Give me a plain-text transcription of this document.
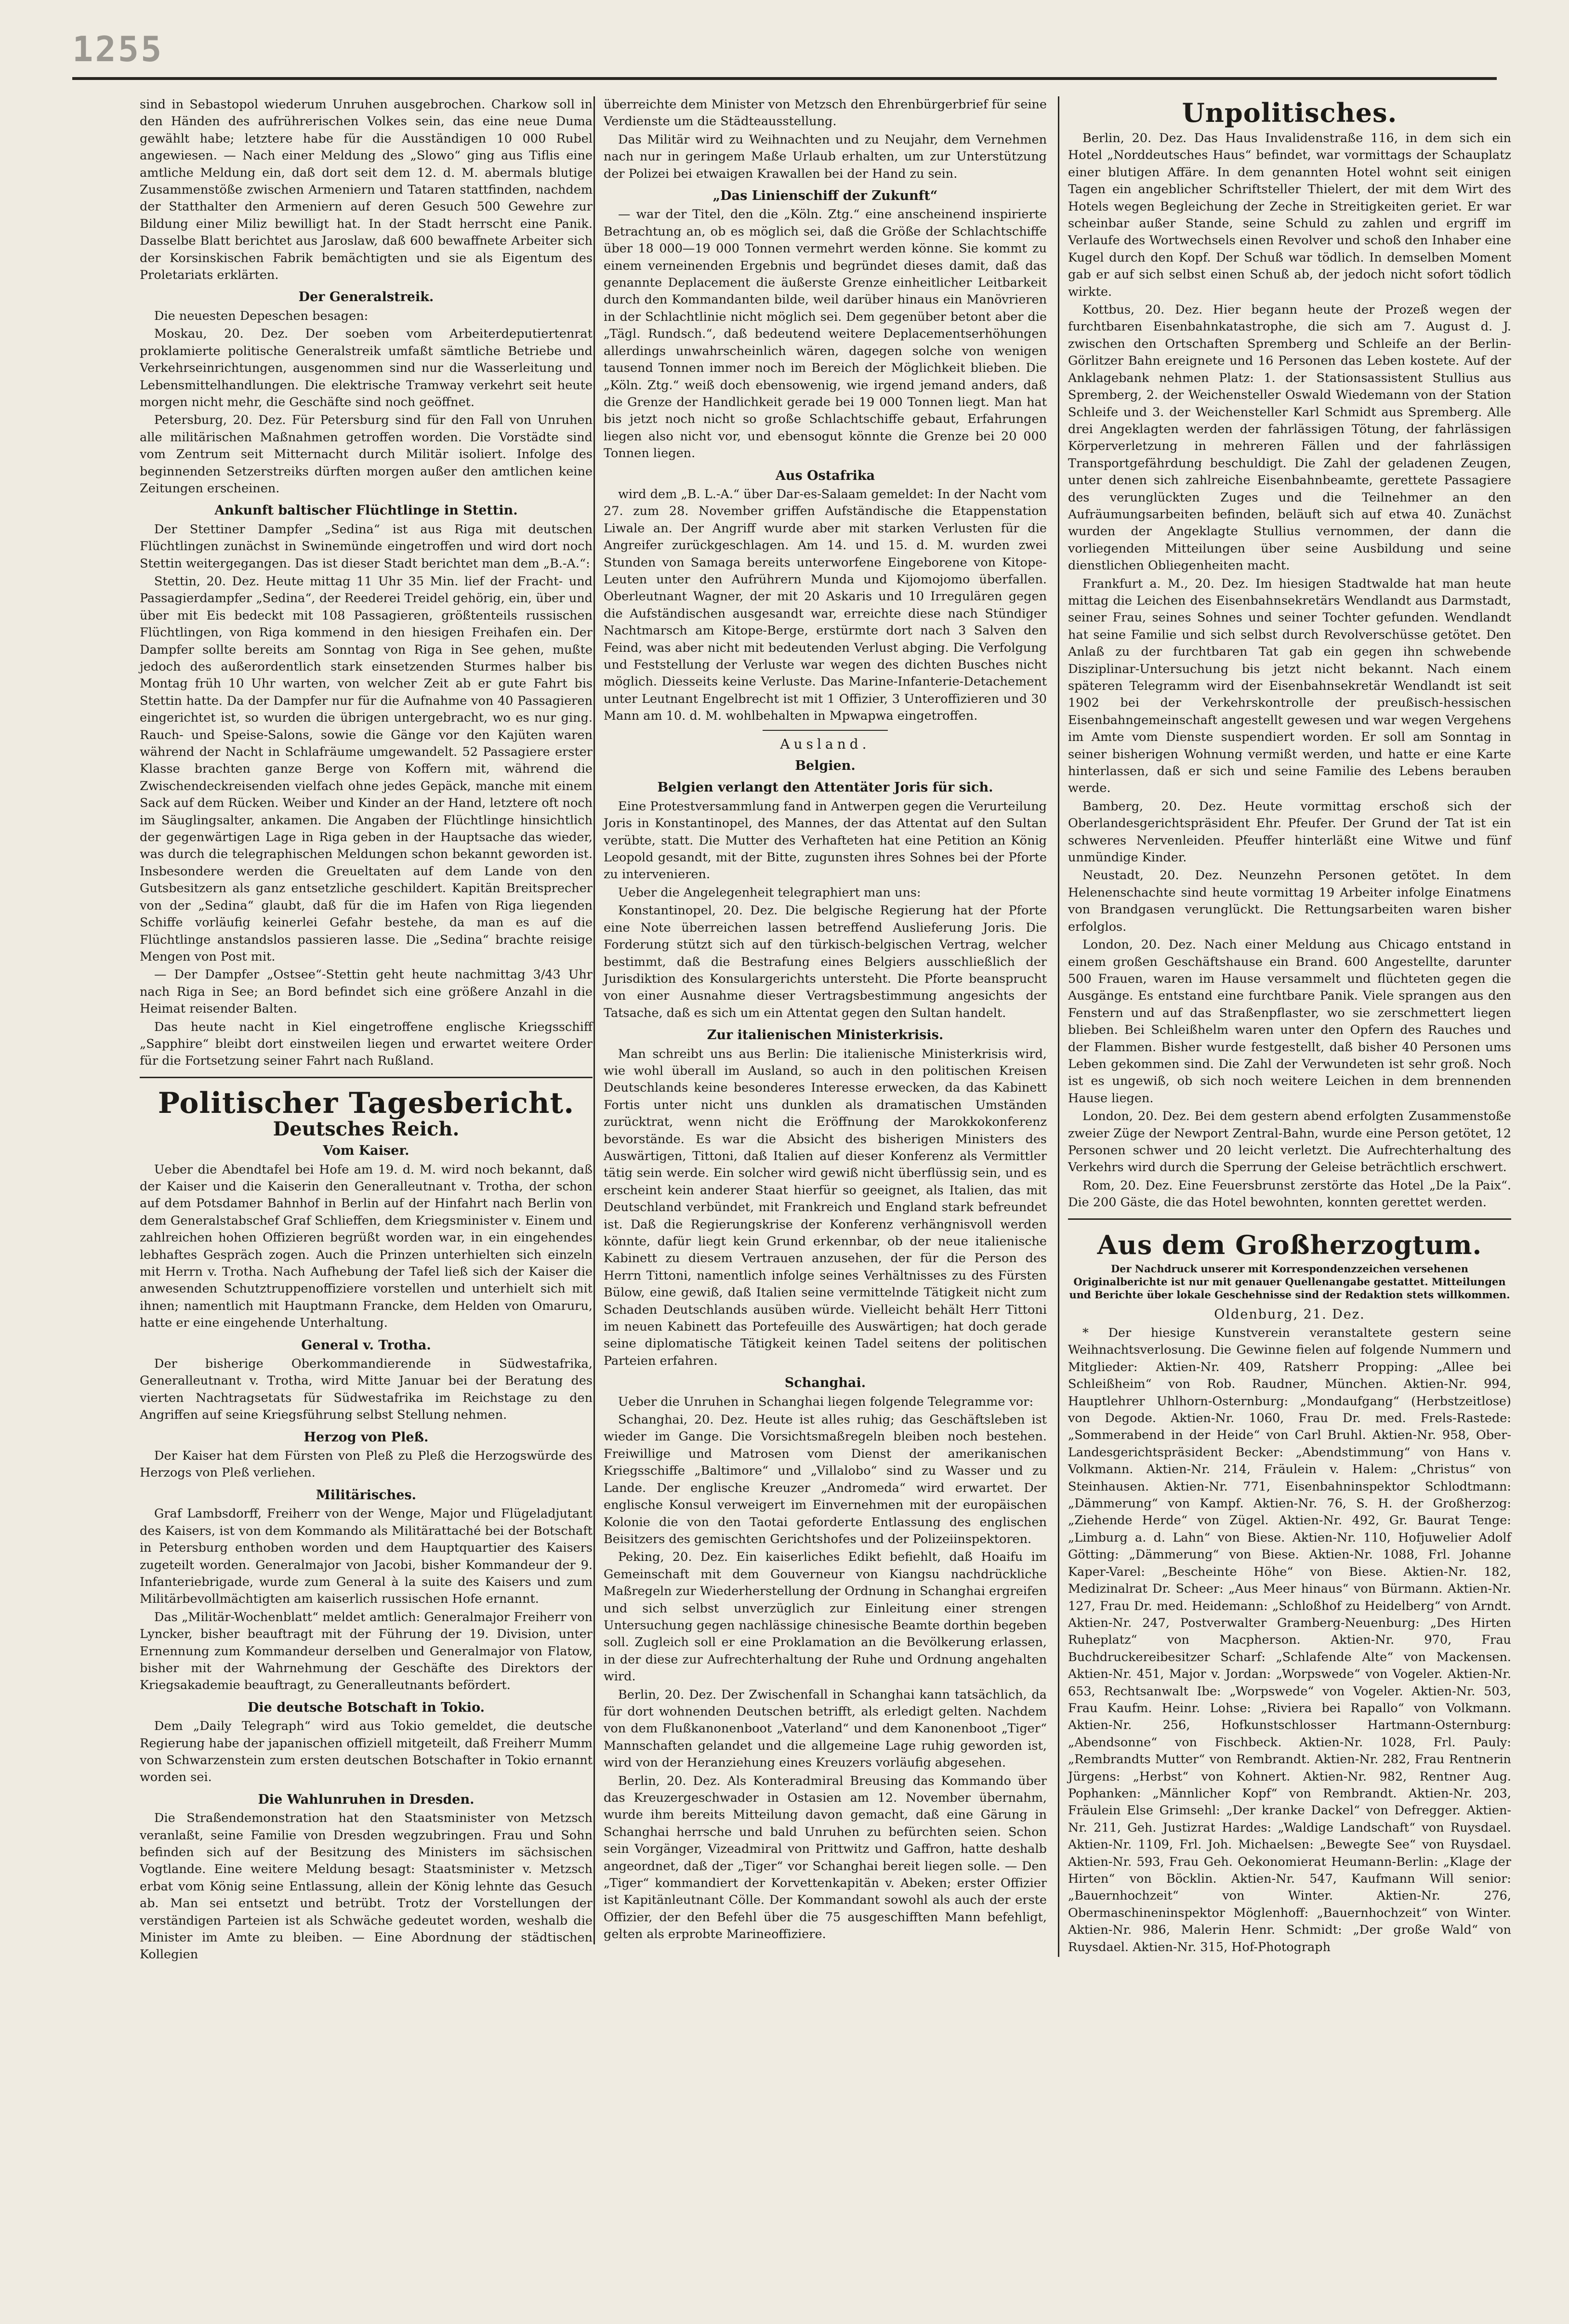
1255

sind in Sebastopol wiederum Unruhen ausgebrochen. Charkow soll in den Händen des aufrührerischen Volkes sein, das eine neue Duma gewählt habe; letztere habe für die Ausständigen 10 000 Rubel angewiesen. — Nach einer Meldung des „Slowo“ ging aus Tiflis eine amtliche Meldung ein, daß dort seit dem 12. d. M. abermals blutige Zusammenstöße zwischen Armeniern und Tataren stattfinden, nachdem der Statthalter den Armeniern auf deren Gesuch 500 Gewehre zur Bildung einer Miliz bewilligt hat. In der Stadt herrscht eine Panik. Dasselbe Blatt berichtet aus Jaroslaw, daß 600 bewaffnete Arbeiter sich der Korsinskischen Fabrik bemächtigten und sie als Eigentum des Proletariats erklärten.

Der Generalstreik.

Die neuesten Depeschen besagen:

Moskau, 20. Dez. Der soeben vom Arbeiterdeputiertenrat proklamierte politische Generalstreik umfaßt sämtliche Betriebe und Verkehrseinrichtungen, ausgenommen sind nur die Wasserleitung und Lebensmittelhandlungen. Die elektrische Tramway verkehrt seit heute morgen nicht mehr, die Geschäfte sind noch geöffnet.

Petersburg, 20. Dez. Für Petersburg sind für den Fall von Unruhen alle militärischen Maßnahmen getroffen worden. Die Vorstädte sind vom Zentrum seit Mitternacht durch Militär isoliert. Infolge des beginnenden Setzerstreiks dürften morgen außer den amtlichen keine Zeitungen erscheinen.

Ankunft baltischer Flüchtlinge in Stettin.

Der Stettiner Dampfer „Sedina“ ist aus Riga mit deutschen Flüchtlingen zunächst in Swinemünde eingetroffen und wird dort noch Stettin weitergegangen. Das ist dieser Stadt berichtet man dem „B.-A.“:

Stettin, 20. Dez. Heute mittag 11 Uhr 35 Min. lief der Fracht- und Passagierdampfer „Sedina“, der Reederei Treidel gehörig, ein, über und über mit Eis bedeckt mit 108 Passagieren, größtenteils russischen Flüchtlingen, von Riga kommend in den hiesigen Freihafen ein. Der Dampfer sollte bereits am Sonntag von Riga in See gehen, mußte jedoch des außerordentlich stark einsetzenden Sturmes halber bis Montag früh 10 Uhr warten, von welcher Zeit ab er gute Fahrt bis Stettin hatte. Da der Dampfer nur für die Aufnahme von 40 Passagieren eingerichtet ist, so wurden die übrigen untergebracht, wo es nur ging. Rauch- und Speise-Salons, sowie die Gänge vor den Kajüten waren während der Nacht in Schlafräume umgewandelt. 52 Passagiere erster Klasse brachten ganze Berge von Koffern mit, während die Zwischendeckreisenden vielfach ohne jedes Gepäck, manche mit einem Sack auf dem Rücken. Weiber und Kinder an der Hand, letztere oft noch im Säuglingsalter, ankamen. Die Angaben der Flüchtlinge hinsichtlich der gegenwärtigen Lage in Riga geben in der Hauptsache das wieder, was durch die telegraphischen Meldungen schon bekannt geworden ist. Insbesondere werden die Greueltaten auf dem Lande von den Gutsbesitzern als ganz entsetzliche geschildert. Kapitän Breitsprecher von der „Sedina“ glaubt, daß für die im Hafen von Riga liegenden Schiffe vorläufig keinerlei Gefahr bestehe, da man es auf die Flüchtlinge anstandslos passieren lasse. Die „Sedina“ brachte reisige Mengen von Post mit.

— Der Dampfer „Ostsee“-Stettin geht heute nachmittag 3/43 Uhr nach Riga in See; an Bord befindet sich eine größere Anzahl in die Heimat reisender Balten.

Das heute nacht in Kiel eingetroffene englische Kriegsschiff „Sapphire“ bleibt dort einstweilen liegen und erwartet weitere Order für die Fortsetzung seiner Fahrt nach Rußland.

Politischer Tagesbericht.
Deutsches Reich.
Vom Kaiser.

Ueber die Abendtafel bei Hofe am 19. d. M. wird noch bekannt, daß der Kaiser und die Kaiserin den Generalleutnant v. Trotha, der schon auf dem Potsdamer Bahnhof in Berlin auf der Hinfahrt nach Berlin von dem Generalstabschef Graf Schlieffen, dem Kriegsminister v. Einem und zahlreichen hohen Offizieren begrüßt worden war, in ein eingehendes lebhaftes Gespräch zogen. Auch die Prinzen unterhielten sich einzeln mit Herrn v. Trotha. Nach Aufhebung der Tafel ließ sich der Kaiser die anwesenden Schutztruppenoffiziere vorstellen und unterhielt sich mit ihnen; namentlich mit Hauptmann Francke, dem Helden von Omaruru, hatte er eine eingehende Unterhaltung.

General v. Trotha.

Der bisherige Oberkommandierende in Südwestafrika, Generalleutnant v. Trotha, wird Mitte Januar bei der Beratung des vierten Nachtragsetats für Südwestafrika im Reichstage zu den Angriffen auf seine Kriegsführung selbst Stellung nehmen.

Herzog von Pleß.

Der Kaiser hat dem Fürsten von Pleß zu Pleß die Herzogswürde des Herzogs von Pleß verliehen.

Militärisches.

Graf Lambsdorff, Freiherr von der Wenge, Major und Flügeladjutant des Kaisers, ist von dem Kommando als Militärattaché bei der Botschaft in Petersburg enthoben worden und dem Hauptquartier des Kaisers zugeteilt worden. Generalmajor von Jacobi, bisher Kommandeur der 9. Infanteriebrigade, wurde zum General à la suite des Kaisers und zum Militärbevollmächtigten am kaiserlich russischen Hofe ernannt.

Das „Militär-Wochenblatt“ meldet amtlich: Generalmajor Freiherr von Lyncker, bisher beauftragt mit der Führung der 19. Division, unter Ernennung zum Kommandeur derselben und Generalmajor von Flatow, bisher mit der Wahrnehmung der Geschäfte des Direktors der Kriegsakademie beauftragt, zu Generalleutnants befördert.

Die deutsche Botschaft in Tokio.

Dem „Daily Telegraph“ wird aus Tokio gemeldet, die deutsche Regierung habe der japanischen offiziell mitgeteilt, daß Freiherr Mumm von Schwarzenstein zum ersten deutschen Botschafter in Tokio ernannt worden sei.

Die Wahlunruhen in Dresden.

Die Straßendemonstration hat den Staatsminister von Metzsch veranlaßt, seine Familie von Dresden wegzubringen. Frau und Sohn befinden sich auf der Besitzung des Ministers im sächsischen Vogtlande. Eine weitere Meldung besagt: Staatsminister v. Metzsch erbat vom König seine Entlassung, allein der König lehnte das Gesuch ab. Man sei entsetzt und betrübt. Trotz der Vorstellungen der verständigen Parteien ist als Schwäche gedeutet worden, weshalb die Minister im Amte zu bleiben. — Eine Abordnung der städtischen Kollegien

überreichte dem Minister von Metzsch den Ehrenbürgerbrief für seine Verdienste um die Städteausstellung.

Das Militär wird zu Weihnachten und zu Neujahr, dem Vernehmen nach nur in geringem Maße Urlaub erhalten, um zur Unterstützung der Polizei bei etwaigen Krawallen bei der Hand zu sein.

„Das Linienschiff der Zukunft“

— war der Titel, den die „Köln. Ztg.“ eine anscheinend inspirierte Betrachtung an, ob es möglich sei, daß die Größe der Schlachtschiffe über 18 000—19 000 Tonnen vermehrt werden könne. Sie kommt zu einem verneinenden Ergebnis und begründet dieses damit, daß das genannte Deplacement die äußerste Grenze einheitlicher Leitbarkeit durch den Kommandanten bilde, weil darüber hinaus ein Manövrieren in der Schlachtlinie nicht möglich sei. Dem gegenüber betont aber die „Tägl. Rundsch.“, daß bedeutend weitere Deplacementserhöhungen allerdings unwahrscheinlich wären, dagegen solche von wenigen tausend Tonnen immer noch im Bereich der Möglichkeit blieben. Die „Köln. Ztg.“ weiß doch ebensowenig, wie irgend jemand anders, daß die Grenze der Handlichkeit gerade bei 19 000 Tonnen liegt. Man hat bis jetzt noch nicht so große Schlachtschiffe gebaut, Erfahrungen liegen also nicht vor, und ebensogut könnte die Grenze bei 20 000 Tonnen liegen.

Aus Ostafrika

wird dem „B. L.-A.“ über Dar-es-Salaam gemeldet: In der Nacht vom 27. zum 28. November griffen Aufständische die Etappenstation Liwale an. Der Angriff wurde aber mit starken Verlusten für die Angreifer zurückgeschlagen. Am 14. und 15. d. M. wurden zwei Stunden von Samaga bereits unterworfene Eingeborene von Kitope-Leuten unter den Aufrührern Munda und Kijomojomo überfallen. Oberleutnant Wagner, der mit 20 Askaris und 10 Irregulären gegen die Aufständischen ausgesandt war, erreichte diese nach Stündiger Nachtmarsch am Kitope-Berge, erstürmte dort nach 3 Salven den Feind, was aber nicht mit bedeutenden Verlust abging. Die Verfolgung und Feststellung der Verluste war wegen des dichten Busches nicht möglich. Diesseits keine Verluste. Das Marine-Infanterie-Detachement unter Leutnant Engelbrecht ist mit 1 Offizier, 3 Unteroffizieren und 30 Mann am 10. d. M. wohlbehalten in Mpwapwa eingetroffen.

Ausland.
Belgien.
Belgien verlangt den Attentäter Joris für sich.

Eine Protestversammlung fand in Antwerpen gegen die Verurteilung Joris in Konstantinopel, des Mannes, der das Attentat auf den Sultan verübte, statt. Die Mutter des Verhafteten hat eine Petition an König Leopold gesandt, mit der Bitte, zugunsten ihres Sohnes bei der Pforte zu intervenieren.

Ueber die Angelegenheit telegraphiert man uns:

Konstantinopel, 20. Dez. Die belgische Regierung hat der Pforte eine Note überreichen lassen betreffend Auslieferung Joris. Die Forderung stützt sich auf den türkisch-belgischen Vertrag, welcher bestimmt, daß die Bestrafung eines Belgiers ausschließlich der Jurisdiktion des Konsulargerichts untersteht. Die Pforte beansprucht von einer Ausnahme dieser Vertragsbestimmung angesichts der Tatsache, daß es sich um ein Attentat gegen den Sultan handelt.

Zur italienischen Ministerkrisis.

Man schreibt uns aus Berlin: Die italienische Ministerkrisis wird, wie wohl überall im Ausland, so auch in den politischen Kreisen Deutschlands keine besonderes Interesse erwecken, da das Kabinett Fortis unter nicht uns dunklen als dramatischen Umständen zurücktrat, wenn nicht die Eröffnung der Marokkokonferenz bevorstände. Es war die Absicht des bisherigen Ministers des Auswärtigen, Tittoni, daß Italien auf dieser Konferenz als Vermittler tätig sein werde. Ein solcher wird gewiß nicht überflüssig sein, und es erscheint kein anderer Staat hierfür so geeignet, als Italien, das mit Deutschland verbündet, mit Frankreich und England stark befreundet ist. Daß die Regierungskrise der Konferenz verhängnisvoll werden könnte, dafür liegt kein Grund erkennbar, ob der neue italienische Kabinett zu diesem Vertrauen anzusehen, der für die Person des Herrn Tittoni, namentlich infolge seines Verhältnisses zu des Fürsten Bülow, eine gewiß, daß Italien seine vermittelnde Tätigkeit nicht zum Schaden Deutschlands ausüben würde. Vielleicht behält Herr Tittoni im neuen Kabinett das Portefeuille des Auswärtigen; hat doch gerade seine diplomatische Tätigkeit keinen Tadel seitens der politischen Parteien erfahren.

Schanghai.

Ueber die Unruhen in Schanghai liegen folgende Telegramme vor:

Schanghai, 20. Dez. Heute ist alles ruhig; das Geschäftsleben ist wieder im Gange. Die Vorsichtsmaßregeln bleiben noch bestehen. Freiwillige und Matrosen vom Dienst der amerikanischen Kriegsschiffe „Baltimore“ und „Villalobo“ sind zu Wasser und zu Lande. Der englische Kreuzer „Andromeda“ wird erwartet. Der englische Konsul verweigert im Einvernehmen mit der europäischen Kolonie die von den Taotai geforderte Entlassung des englischen Beisitzers des gemischten Gerichtshofes und der Polizeiinspektoren.

Peking, 20. Dez. Ein kaiserliches Edikt befiehlt, daß Hoaifu im Gemeinschaft mit dem Gouverneur von Kiangsu nachdrückliche Maßregeln zur Wiederherstellung der Ordnung in Schanghai ergreifen und sich selbst unverzüglich zur Einleitung einer strengen Untersuchung gegen nachlässige chinesische Beamte dorthin begeben soll. Zugleich soll er eine Proklamation an die Bevölkerung erlassen, in der diese zur Aufrechterhaltung der Ruhe und Ordnung angehalten wird.

Berlin, 20. Dez. Der Zwischenfall in Schanghai kann tatsächlich, da für dort wohnenden Deutschen betrifft, als erledigt gelten. Nachdem von dem Flußkanonenboot „Vaterland“ und dem Kanonenboot „Tiger“ Mannschaften gelandet und die allgemeine Lage ruhig geworden ist, wird von der Heranziehung eines Kreuzers vorläufig abgesehen.

Berlin, 20. Dez. Als Konteradmiral Breusing das Kommando über das Kreuzergeschwader in Ostasien am 12. November übernahm, wurde ihm bereits Mitteilung davon gemacht, daß eine Gärung in Schanghai herrsche und bald Unruhen zu befürchten seien. Schon sein Vorgänger, Vizeadmiral von Prittwitz und Gaffron, hatte deshalb angeordnet, daß der „Tiger“ vor Schanghai bereit liegen solle. — Den „Tiger“ kommandiert der Korvettenkapitän v. Abeken; erster Offizier ist Kapitänleutnant Cölle. Der Kommandant sowohl als auch der erste Offizier, der den Befehl über die 75 ausgeschifften Mann befehligt, gelten als erprobte Marineoffiziere.

Unpolitisches.

Berlin, 20. Dez. Das Haus Invalidenstraße 116, in dem sich ein Hotel „Norddeutsches Haus“ befindet, war vormittags der Schauplatz einer blutigen Affäre. In dem genannten Hotel wohnt seit einigen Tagen ein angeblicher Schriftsteller Thielert, der mit dem Wirt des Hotels wegen Begleichung der Zeche in Streitigkeiten geriet. Er war scheinbar außer Stande, seine Schuld zu zahlen und ergriff im Verlaufe des Wortwechsels einen Revolver und schoß den Inhaber eine Kugel durch den Kopf. Der Schuß war tödlich. In demselben Moment gab er auf sich selbst einen Schuß ab, der jedoch nicht sofort tödlich wirkte.

Kottbus, 20. Dez. Hier begann heute der Prozeß wegen der furchtbaren Eisenbahnkatastrophe, die sich am 7. August d. J. zwischen den Ortschaften Spremberg und Schleife an der Berlin-Görlitzer Bahn ereignete und 16 Personen das Leben kostete. Auf der Anklagebank nehmen Platz: 1. der Stationsassistent Stullius aus Spremberg, 2. der Weichensteller Oswald Wiedemann von der Station Schleife und 3. der Weichensteller Karl Schmidt aus Spremberg. Alle drei Angeklagten werden der fahrlässigen Tötung, der fahrlässigen Körperverletzung in mehreren Fällen und der fahrlässigen Transportgefährdung beschuldigt. Die Zahl der geladenen Zeugen, unter denen sich zahlreiche Eisenbahnbeamte, gerettete Passagiere des verunglückten Zuges und die Teilnehmer an den Aufräumungsarbeiten befinden, beläuft sich auf etwa 40. Zunächst wurden der Angeklagte Stullius vernommen, der dann die vorliegenden Mitteilungen über seine Ausbildung und seine dienstlichen Obliegenheiten macht.

Frankfurt a. M., 20. Dez. Im hiesigen Stadtwalde hat man heute mittag die Leichen des Eisenbahnsekretärs Wendlandt aus Darmstadt, seiner Frau, seines Sohnes und seiner Tochter gefunden. Wendlandt hat seine Familie und sich selbst durch Revolverschüsse getötet. Den Anlaß zu der furchtbaren Tat gab ein gegen ihn schwebende Disziplinar-Untersuchung bis jetzt nicht bekannt. Nach einem späteren Telegramm wird der Eisenbahnsekretär Wendlandt ist seit 1902 bei der Verkehrskontrolle der preußisch-hessischen Eisenbahngemeinschaft angestellt gewesen und war wegen Vergehens im Amte vom Dienste suspendiert worden. Er soll am Sonntag in seiner bisherigen Wohnung vermißt werden, und hatte er eine Karte hinterlassen, daß er sich und seine Familie des Lebens berauben werde.

Bamberg, 20. Dez. Heute vormittag erschoß sich der Oberlandesgerichtspräsident Ehr. Pfeufer. Der Grund der Tat ist ein schweres Nervenleiden. Pfeuffer hinterläßt eine Witwe und fünf unmündige Kinder.

Neustadt, 20. Dez. Neunzehn Personen getötet. In dem Helenenschachte sind heute vormittag 19 Arbeiter infolge Einatmens von Brandgasen verunglückt. Die Rettungsarbeiten waren bisher erfolglos.

London, 20. Dez. Nach einer Meldung aus Chicago entstand in einem großen Geschäftshause ein Brand. 600 Angestellte, darunter 500 Frauen, waren im Hause versammelt und flüchteten gegen die Ausgänge. Es entstand eine furchtbare Panik. Viele sprangen aus den Fenstern und auf das Straßenpflaster, wo sie zerschmettert liegen blieben. Bei Schleißhelm waren unter den Opfern des Rauches und der Flammen. Bisher wurde festgestellt, daß bisher 40 Personen ums Leben gekommen sind. Die Zahl der Verwundeten ist sehr groß. Noch ist es ungewiß, ob sich noch weitere Leichen in dem brennenden Hause liegen.

London, 20. Dez. Bei dem gestern abend erfolgten Zusammenstoße zweier Züge der Newport Zentral-Bahn, wurde eine Person getötet, 12 Personen schwer und 20 leicht verletzt. Die Aufrechterhaltung des Verkehrs wird durch die Sperrung der Geleise beträchtlich erschwert.

Rom, 20. Dez. Eine Feuersbrunst zerstörte das Hotel „De la Paix“. Die 200 Gäste, die das Hotel bewohnten, konnten gerettet werden.

Aus dem Großherzogtum.
Der Nachdruck unserer mit Korrespondenzzeichen versehenen Originalberichte ist nur mit genauer Quellenangabe gestattet. Mitteilungen und Berichte über lokale Geschehnisse sind der Redaktion stets willkommen.
Oldenburg, 21. Dez.

* Der hiesige Kunstverein veranstaltete gestern seine Weihnachtsverlosung. Die Gewinne fielen auf folgende Nummern und Mitglieder: Aktien-Nr. 409, Ratsherr Propping: „Allee bei Schleißheim“ von Rob. Raudner, München. Aktien-Nr. 994, Hauptlehrer Uhlhorn-Osternburg: „Mondaufgang“ (Herbstzeitlose) von Degode. Aktien-Nr. 1060, Frau Dr. med. Frels-Rastede: „Sommerabend in der Heide“ von Carl Bruhl. Aktien-Nr. 958, Ober-Landesgerichtspräsident Becker: „Abendstimmung“ von Hans v. Volkmann. Aktien-Nr. 214, Fräulein v. Halem: „Christus“ von Steinhausen. Aktien-Nr. 771, Eisenbahninspektor Schlodtmann: „Dämmerung“ von Kampf. Aktien-Nr. 76, S. H. der Großherzog: „Ziehende Herde“ von Zügel. Aktien-Nr. 492, Gr. Baurat Tenge: „Limburg a. d. Lahn“ von Biese. Aktien-Nr. 110, Hofjuwelier Adolf Götting: „Dämmerung“ von Biese. Aktien-Nr. 1088, Frl. Johanne Kaper-Varel: „Bescheinte Höhe“ von Biese. Aktien-Nr. 182, Medizinalrat Dr. Scheer: „Aus Meer hinaus“ von Bürmann. Aktien-Nr. 127, Frau Dr. med. Heidemann: „Schloßhof zu Heidelberg“ von Arndt. Aktien-Nr. 247, Postverwalter Gramberg-Neuenburg: „Des Hirten Ruheplatz“ von Macpherson. Aktien-Nr. 970, Frau Buchdruckereibesitzer Scharf: „Schlafende Alte“ von Mackensen. Aktien-Nr. 451, Major v. Jordan: „Worpswede“ von Vogeler. Aktien-Nr. 653, Rechtsanwalt Ibe: „Worpswede“ von Vogeler. Aktien-Nr. 503, Frau Kaufm. Heinr. Lohse: „Riviera bei Rapallo“ von Volkmann. Aktien-Nr. 256, Hofkunstschlosser Hartmann-Osternburg: „Abendsonne“ von Fischbeck. Aktien-Nr. 1028, Frl. Pauly: „Rembrandts Mutter“ von Rembrandt. Aktien-Nr. 282, Frau Rentnerin Jürgens: „Herbst“ von Kohnert. Aktien-Nr. 982, Rentner Aug. Pophanken: „Männlicher Kopf“ von Rembrandt. Aktien-Nr. 203, Fräulein Else Grimsehl: „Der kranke Dackel“ von Defregger. Aktien-Nr. 211, Geh. Justizrat Hardes: „Waldige Landschaft“ von Ruysdael. Aktien-Nr. 1109, Frl. Joh. Michaelsen: „Bewegte See“ von Ruysdael. Aktien-Nr. 593, Frau Geh. Oekonomierat Heumann-Berlin: „Klage der Hirten“ von Böcklin. Aktien-Nr. 547, Kaufmann Will senior: „Bauernhochzeit“ von Winter. Aktien-Nr. 276, Obermaschineninspektor Möglenhoff: „Bauernhochzeit“ von Winter. Aktien-Nr. 986, Malerin Henr. Schmidt: „Der große Wald“ von Ruysdael. Aktien-Nr. 315, Hof-Photograph
